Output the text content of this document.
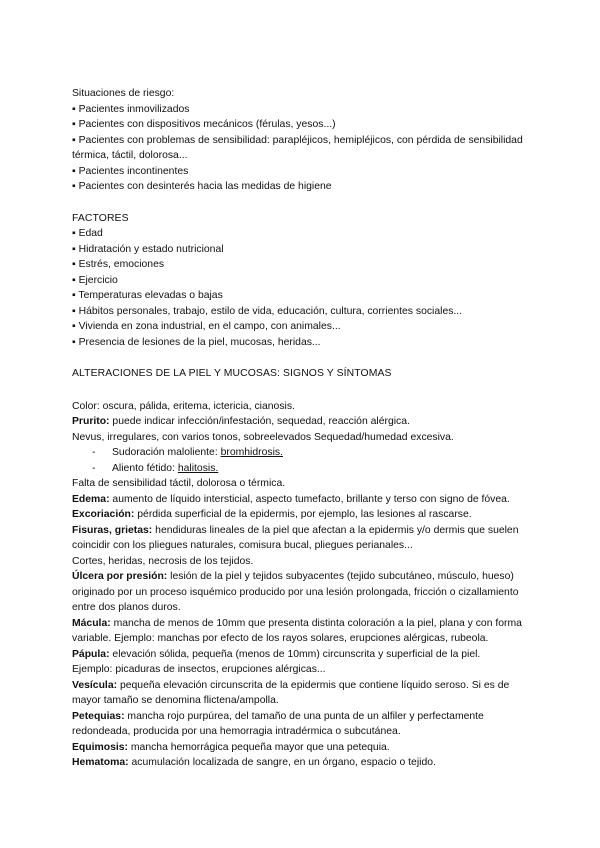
Situaciones de riesgo:
▪ Pacientes inmovilizados
▪ Pacientes con dispositivos mecánicos (férulas, yesos...)
▪ Pacientes con problemas de sensibilidad: parapléjicos, hemipléjicos, con pérdida de sensibilidad térmica, táctil, dolorosa...
▪ Pacientes incontinentes
▪ Pacientes con desinterés hacia las medidas de higiene
FACTORES
▪ Edad
▪ Hidratación y estado nutricional
▪ Estrés, emociones
▪ Ejercicio
▪ Temperaturas elevadas o bajas
▪ Hábitos personales, trabajo, estilo de vida, educación, cultura, corrientes sociales...
▪ Vivienda en zona industrial, en el campo, con animales...
▪ Presencia de lesiones de la piel, mucosas, heridas...
ALTERACIONES DE LA PIEL Y MUCOSAS: SIGNOS Y SÍNTOMAS
Color: oscura, pálida, eritema, ictericia, cianosis.
Prurito: puede indicar infección/infestación, sequedad, reacción alérgica.
Nevus, irregulares, con varios tonos, sobreelevados Sequedad/humedad excesiva.
- Sudoración maloliente: bromhidrosis.
- Aliento fétido: halitosis.
Falta de sensibilidad táctil, dolorosa o térmica.
Edema: aumento de líquido intersticial, aspecto tumefacto, brillante y terso con signo de fóvea.
Excoriación: pérdida superficial de la epidermis, por ejemplo, las lesiones al rascarse.
Fisuras, grietas: hendiduras lineales de la piel que afectan a la epidermis y/o dermis que suelen coincidir con los pliegues naturales, comisura bucal, pliegues perianales...
Cortes, heridas, necrosis de los tejidos.
Úlcera por presión: lesión de la piel y tejidos subyacentes (tejido subcutáneo, músculo, hueso) originado por un proceso isquémico producido por una lesión prolongada, fricción o cizallamiento entre dos planos duros.
Mácula: mancha de menos de 10mm que presenta distinta coloración a la piel, plana y con forma variable. Ejemplo: manchas por efecto de los rayos solares, erupciones alérgicas, rubeola.
Pápula: elevación sólida, pequeña (menos de 10mm) circunscrita y superficial de la piel.
Ejemplo: picaduras de insectos, erupciones alérgicas...
Vesícula: pequeña elevación circunscrita de la epidermis que contiene líquido seroso. Si es de mayor tamaño se denomina flictena/ampolla.
Petequias: mancha rojo purpúrea, del tamaño de una punta de un alfiler y perfectamente redondeada, producida por una hemorragia intradérmica o subcutánea.
Equimosis: mancha hemorrágica pequeña mayor que una petequia.
Hematoma: acumulación localizada de sangre, en un órgano, espacio o tejido.
